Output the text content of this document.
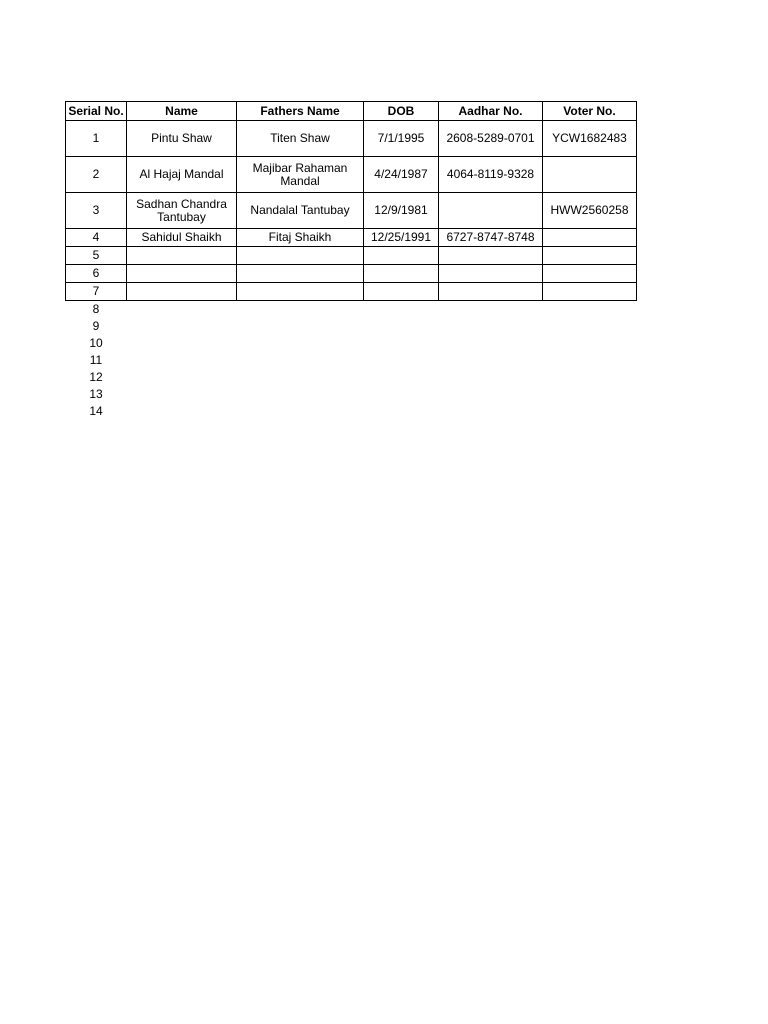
Serial No.	Name	Fathers Name	DOB	Aadhar No.	Voter No.
1	Pintu Shaw	Titen Shaw	7/1/1995	2608-5289-0701	YCW1682483
2	Al Hajaj Mandal	Majibar Rahaman Mandal	4/24/1987	4064-8119-9328	
3	Sadhan Chandra Tantubay	Nandalal Tantubay	12/9/1981		HWW2560258
4	Sahidul Shaikh	Fitaj Shaikh	12/25/1991	6727-8747-8748	
5					
6					
7					
8					
9					
10					
11					
12					
13					
14					
